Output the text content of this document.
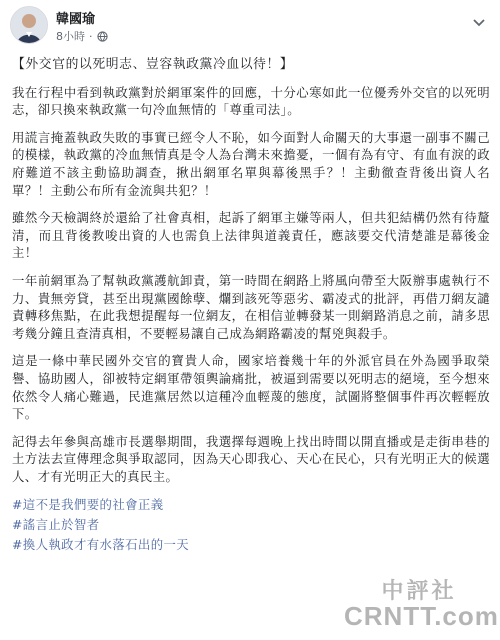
韓國瑜
8小時 ·
【外交官的以死明志、豈容執政黨冷血以待！】

我在行程中看到執政黨對於網軍案件的回應，十分心寒如此一位優秀外交官的以死明志，卻只換來執政黨一句冷血無情的「尊重司法」。

用謊言掩蓋執政失敗的事實已經令人不恥，如今面對人命關天的大事還一副事不關己的模樣，執政黨的冷血無情真是令人為台灣未來擔憂，一個有為有守、有血有淚的政府難道不該主動協助調查，揪出網軍名單與幕後黑手？！主動徹查背後出資人名單？！主動公布所有金流與共犯？！

雖然今天檢調終於還給了社會真相，起訴了網軍主嫌等兩人，但共犯結構仍然有待釐清，而且背後教唆出資的人也需負上法律與道義責任，應該要交代清楚誰是幕後金主！

一年前網軍為了幫執政黨護航卸責，第一時間在網路上將風向帶至大阪辦事處執行不力、貴無旁貸，甚至出現黨國餘孽、爛到該死等惡劣、霸凌式的批評，再借刀網友譴責轉移焦點，在此我想提醒每一位網友，在相信並轉發某一則網路消息之前，請多思考幾分鐘且查清真相，不要輕易讓自己成為網路霸凌的幫兇與殺手。

這是一條中華民國外交官的寶貴人命，國家培養幾十年的外派官員在外為國爭取榮譽、協助國人，卻被特定網軍帶領輿論痛批，被逼到需要以死明志的絕境，至今想來依然令人痛心難過，民進黨居然以這種冷血輕蔑的態度，試圖將整個事件再次輕輕放下。

記得去年參與高雄市長選舉期間，我選擇每週晚上找出時間以開直播或是走街串巷的土方法去宣傳理念與爭取認同，因為天心即我心、天心在民心，只有光明正大的候選人、才有光明正大的真民主。

#這不是我們要的社會正義
#謠言止於智者
#換人執政才有水落石出的一天
中評社
CRNTT.com
